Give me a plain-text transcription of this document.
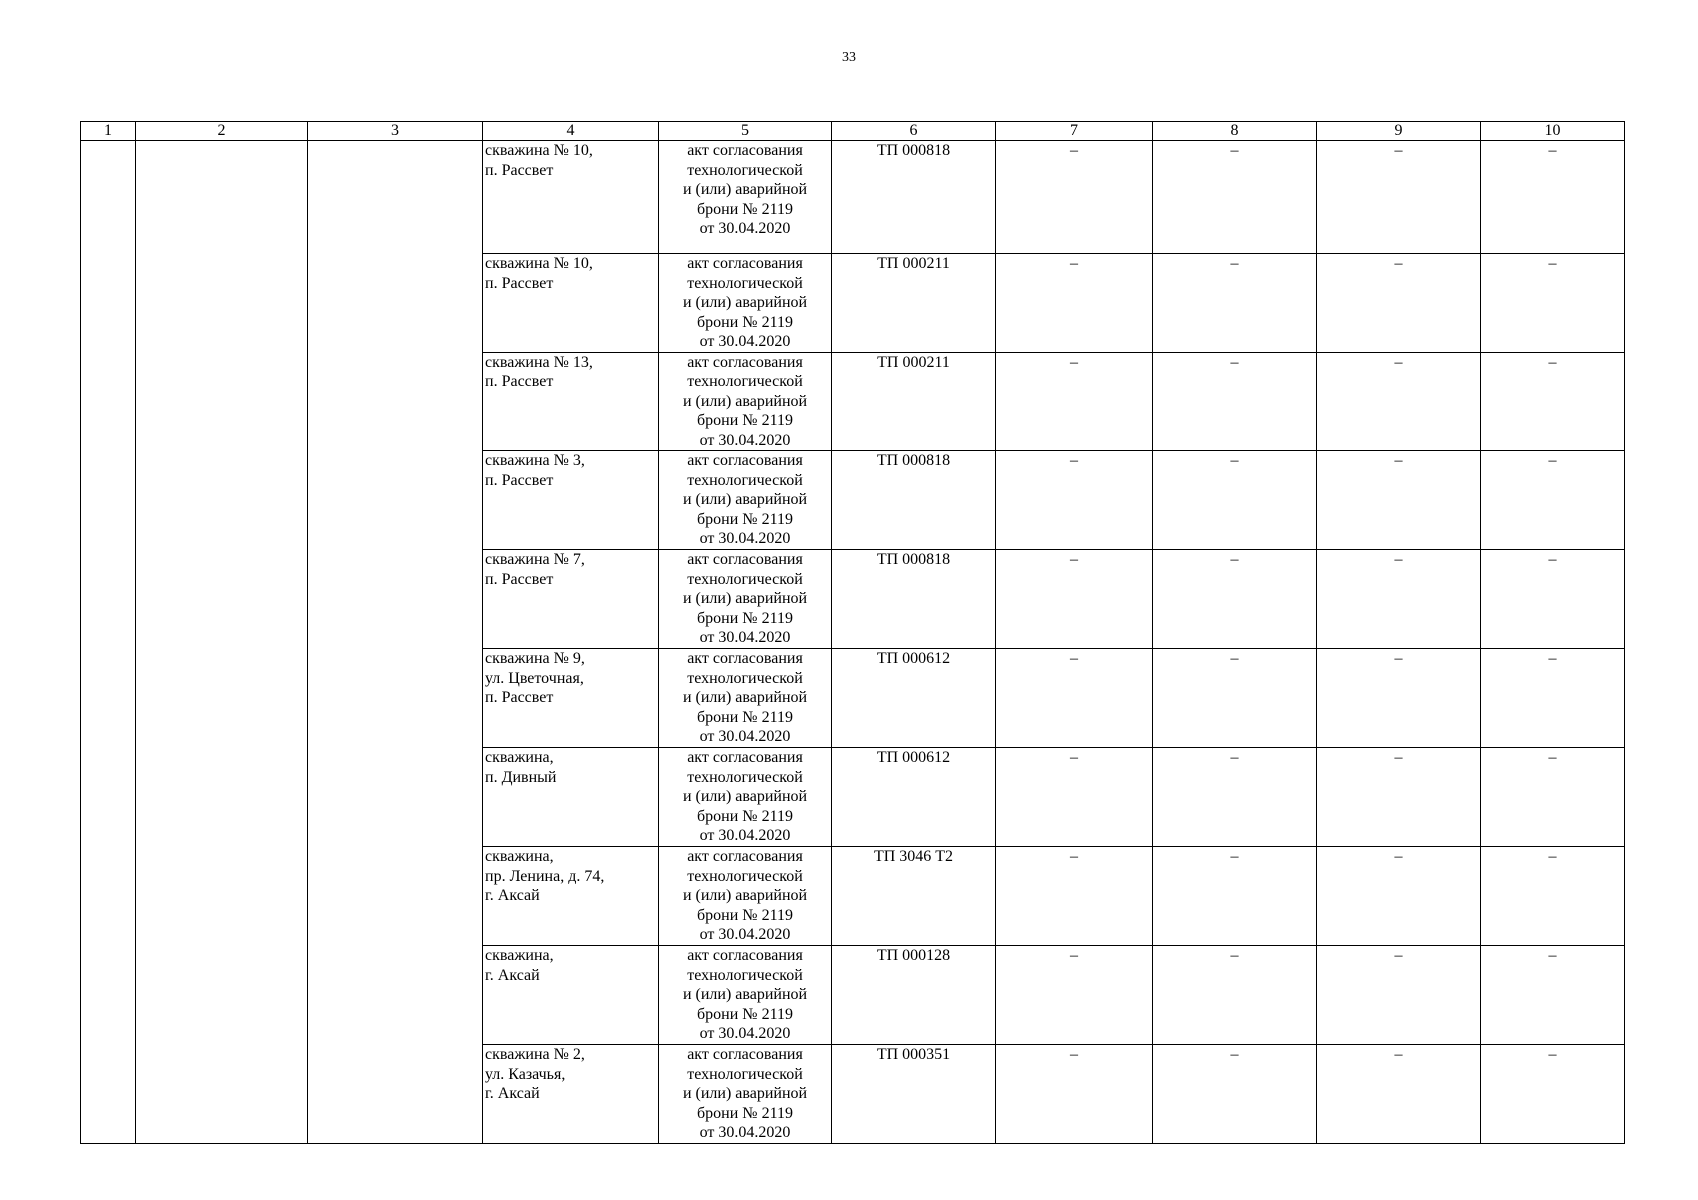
33
1	2	3	4	5	6	7	8	9	10

			скважина № 10,
п. Рассвет	акт согласования
технологической
и (или) аварийной
брони № 2119
от 30.04.2020	ТП 000818	–	–	–	–

			скважина № 10,
п. Рассвет	акт согласования
технологической
и (или) аварийной
брони № 2119
от 30.04.2020	ТП 000211	–	–	–	–

			скважина № 13,
п. Рассвет	акт согласования
технологической
и (или) аварийной
брони № 2119
от 30.04.2020	ТП 000211	–	–	–	–

			скважина № 3,
п. Рассвет	акт согласования
технологической
и (или) аварийной
брони № 2119
от 30.04.2020	ТП 000818	–	–	–	–

			скважина № 7,
п. Рассвет	акт согласования
технологической
и (или) аварийной
брони № 2119
от 30.04.2020	ТП 000818	–	–	–	–

			скважина № 9,
ул. Цветочная,
п. Рассвет	акт согласования
технологической
и (или) аварийной
брони № 2119
от 30.04.2020	ТП 000612	–	–	–	–

			скважина,
п. Дивный	акт согласования
технологической
и (или) аварийной
брони № 2119
от 30.04.2020	ТП 000612	–	–	–	–

			скважина,
пр. Ленина, д. 74,
г. Аксай	акт согласования
технологической
и (или) аварийной
брони № 2119
от 30.04.2020	ТП 3046 Т2	–	–	–	–

			скважина,
г. Аксай	акт согласования
технологической
и (или) аварийной
брони № 2119
от 30.04.2020	ТП 000128	–	–	–	–

			скважина № 2,
ул. Казачья,
г. Аксай	акт согласования
технологической
и (или) аварийной
брони № 2119
от 30.04.2020	ТП 000351	–	–	–	–
